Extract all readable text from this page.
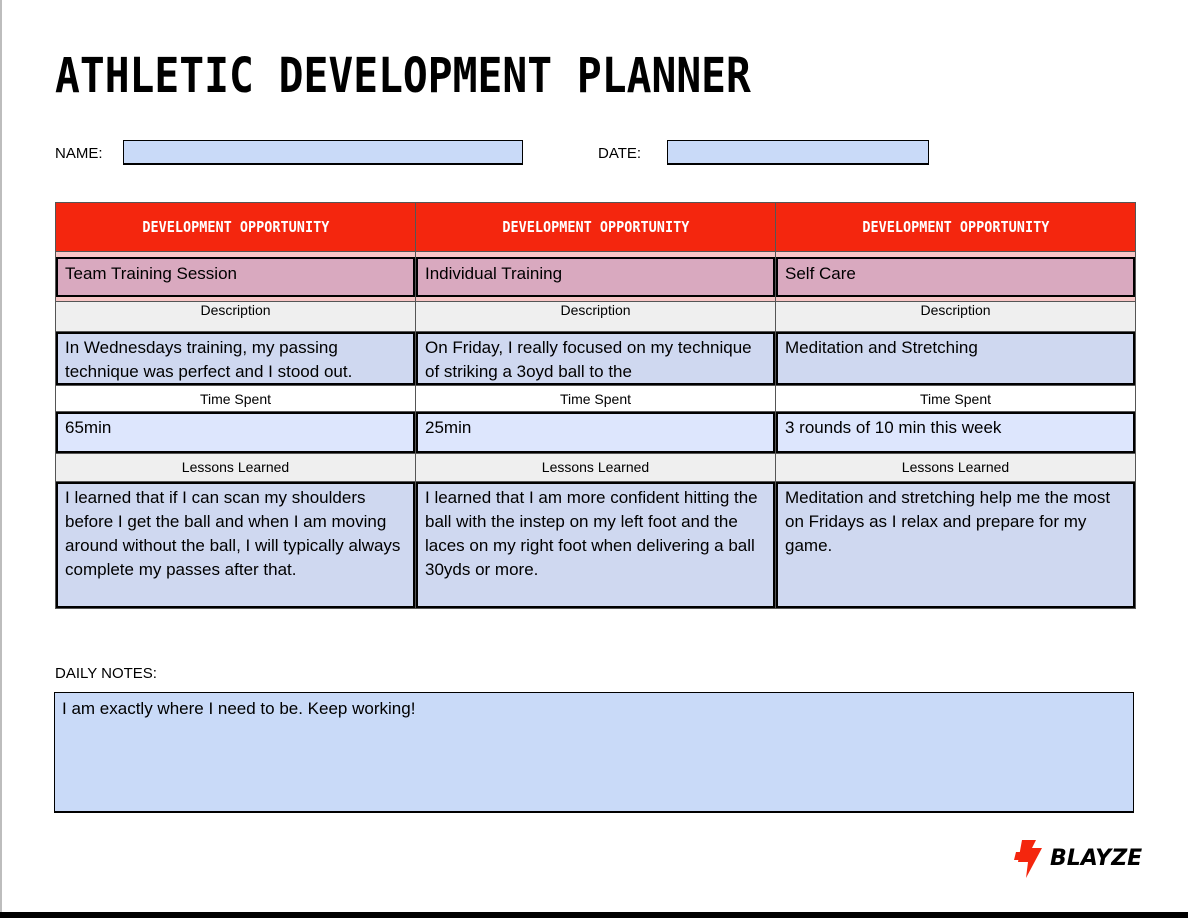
ATHLETIC DEVELOPMENT PLANNER
NAME:	DATE:
DEVELOPMENT OPPORTUNITY	DEVELOPMENT OPPORTUNITY	DEVELOPMENT OPPORTUNITY

Team Training Session	Individual Training	Self Care

Description	Description	Description

In Wednesdays training, my passing technique was perfect and I stood out.	On Friday, I really focused on my technique of striking a 3oyd ball to the	Meditation and Stretching

Time Spent	Time Spent	Time Spent

65min	25min	3 rounds of 10 min this week

Lessons Learned	Lessons Learned	Lessons Learned

I learned that if I can scan my shoulders before I get the ball and when I am moving around without the ball, I will typically always complete my passes after that.	I learned that I am more confident hitting the ball with the instep on my left foot and the laces on my right foot when delivering a ball 30yds or more.	Meditation and stretching help me the most on Fridays as I relax and prepare for my game.
DAILY NOTES:
I am exactly where I need to be. Keep working!
BLAYZE
